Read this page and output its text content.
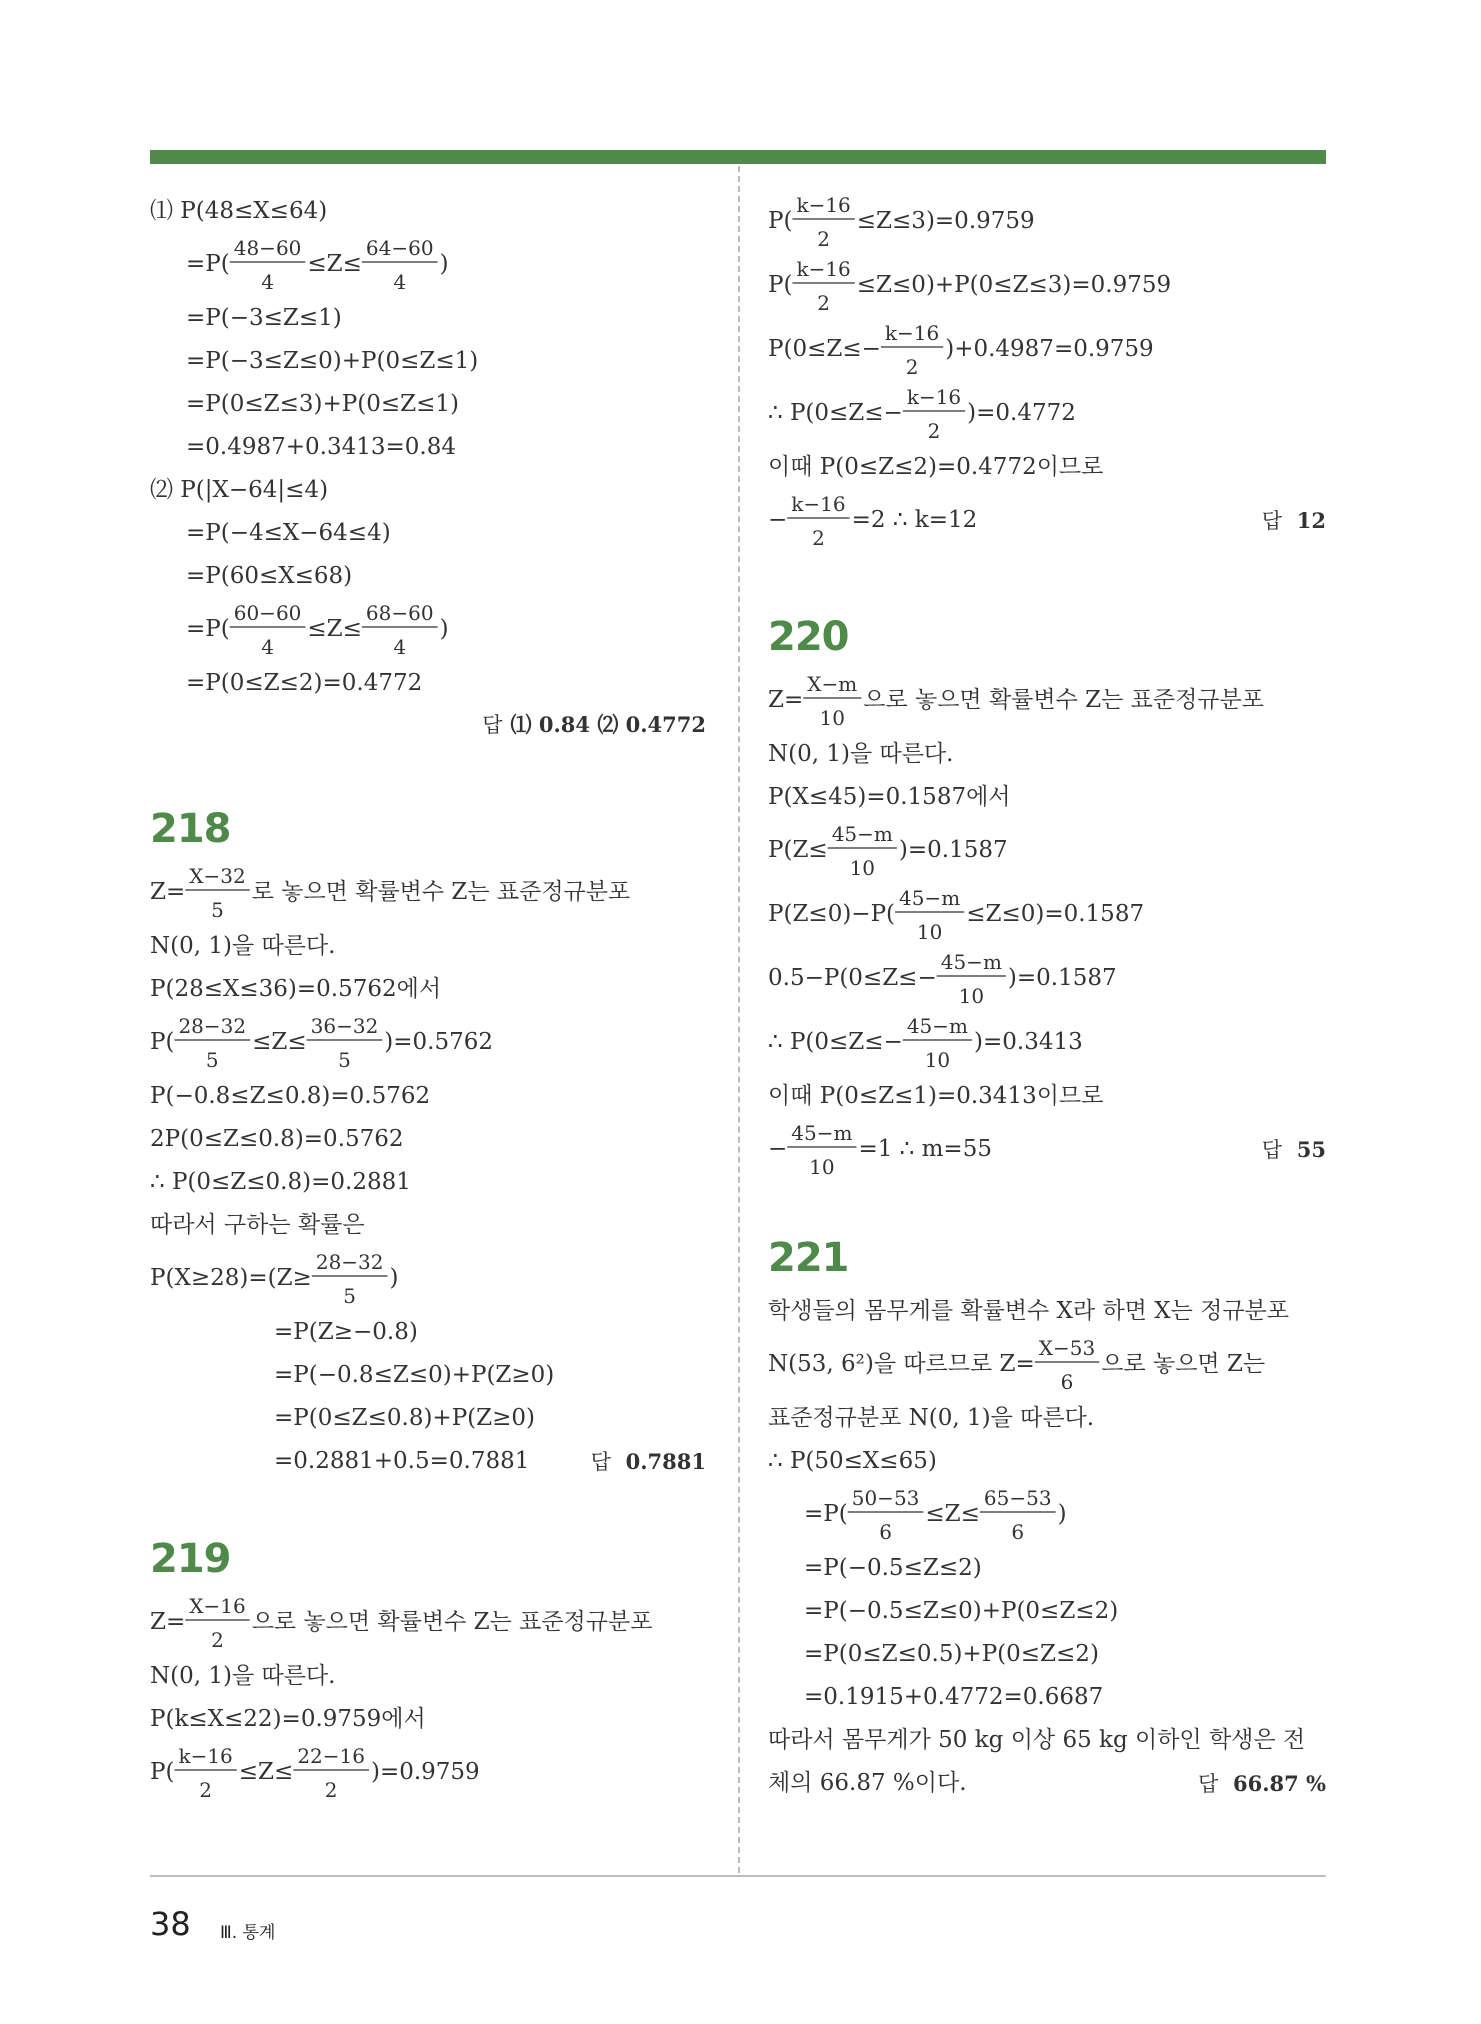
⑴ P(48≤X≤64)
=P(
48−60
4
≤Z≤
64−60
4
)
=P(−3≤Z≤1)
=P(−3≤Z≤0)+P(0≤Z≤1)
=P(0≤Z≤3)+P(0≤Z≤1)
=0.4987+0.3413=0.84
⑵ P(|X−64|≤4)
=P(−4≤X−64≤4)
=P(60≤X≤68)
=P(
60−60
4
≤Z≤
68−60
4
)
=P(0≤Z≤2)=0.4772
답 ⑴ 0.84 ⑵ 0.4772
218
Z=
X−32
5
로 놓으면 확률변수 Z는 표준정규분포
N(0, 1)을 따른다.
P(28≤X≤36)=0.5762에서
P(
28−32
5
≤Z≤
36−32
5
)=0.5762
P(−0.8≤Z≤0.8)=0.5762
2P(0≤Z≤0.8)=0.5762
∴ P(0≤Z≤0.8)=0.2881
따라서 구하는 확률은
P(X≥28)=(Z≥
28−32
5
)
=P(Z≥−0.8)
=P(−0.8≤Z≤0)+P(Z≥0)
=P(0≤Z≤0.8)+P(Z≥0)
=0.2881+0.5=0.7881	답 0.7881
219
Z=
X−16
2
으로 놓으면 확률변수 Z는 표준정규분포
N(0, 1)을 따른다.
P(k≤X≤22)=0.9759에서
P(
k−16
2
≤Z≤
22−16
2
)=0.9759
P(
k−16
2
≤Z≤3)=0.9759
P(
k−16
2
≤Z≤0)+P(0≤Z≤3)=0.9759
P(0≤Z≤−
k−16
2
)+0.4987=0.9759
∴ P(0≤Z≤−
k−16
2
)=0.4772
이때 P(0≤Z≤2)=0.4772이므로
−
k−16
2
=2 ∴ k=12	답 12
220
Z=
X−m
10
으로 놓으면 확률변수 Z는 표준정규분포
N(0, 1)을 따른다.
P(X≤45)=0.1587에서
P(Z≤
45−m
10
)=0.1587
P(Z≤0)−P(
45−m
10
≤Z≤0)=0.1587
0.5−P(0≤Z≤−
45−m
10
)=0.1587
∴ P(0≤Z≤−
45−m
10
)=0.3413
이때 P(0≤Z≤1)=0.3413이므로
−
45−m
10
=1 ∴ m=55	답 55
221
학생들의 몸무게를 확률변수 X라 하면 X는 정규분포
N(53, 6²)을 따르므로 Z=
X−53
6
으로 놓으면 Z는
표준정규분포 N(0, 1)을 따른다.
∴ P(50≤X≤65)
=P(
50−53
6
≤Z≤
65−53
6
)
=P(−0.5≤Z≤2)
=P(−0.5≤Z≤0)+P(0≤Z≤2)
=P(0≤Z≤0.5)+P(0≤Z≤2)
=0.1915+0.4772=0.6687
따라서 몸무게가 50 kg 이상 65 kg 이하인 학생은 전
체의 66.87 %이다.	답 66.87 %
38 Ⅲ. 통계
